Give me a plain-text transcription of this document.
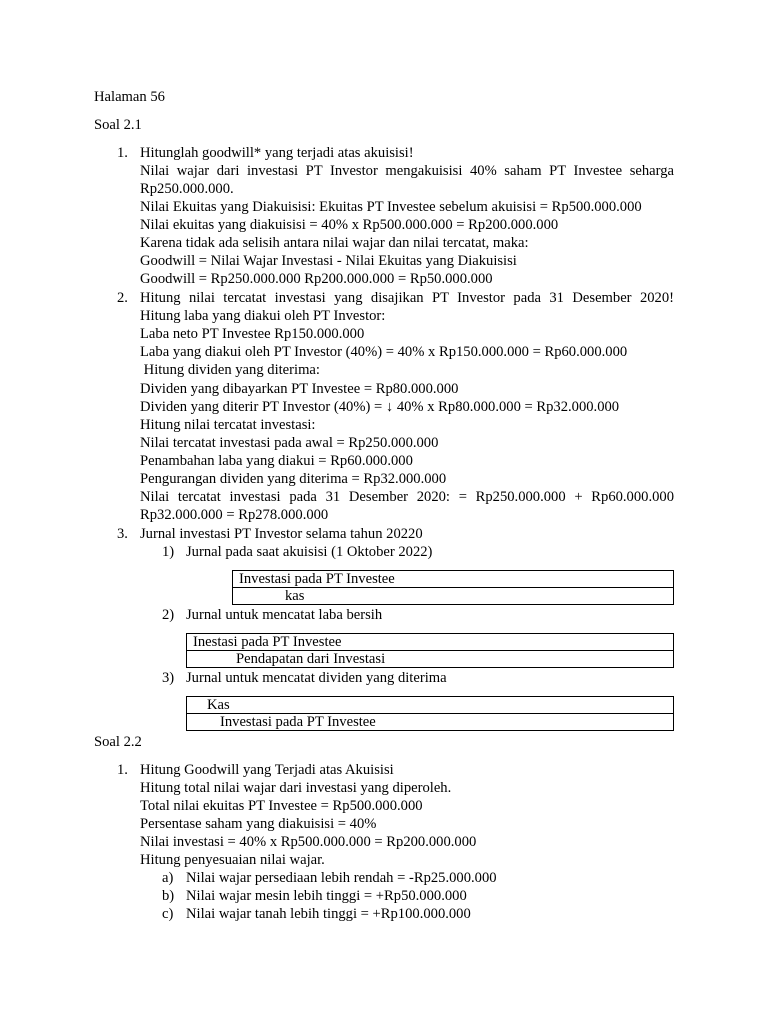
Halaman 56
Soal 2.1
1. Hitunglah goodwill* yang terjadi atas akuisisi!
Nilai wajar dari investasi PT Investor mengakuisisi 40% saham PT Investee seharga
Rp250.000.000.
Nilai Ekuitas yang Diakuisisi: Ekuitas PT Investee sebelum akuisisi = Rp500.000.000
Nilai ekuitas yang diakuisisi = 40% x Rp500.000.000 = Rp200.000.000
Karena tidak ada selisih antara nilai wajar dan nilai tercatat, maka:
Goodwill = Nilai Wajar Investasi - Nilai Ekuitas yang Diakuisisi
Goodwill = Rp250.000.000 Rp200.000.000 = Rp50.000.000
2. Hitung nilai tercatat investasi yang disajikan PT Investor pada 31 Desember 2020!
Hitung laba yang diakui oleh PT Investor:
Laba neto PT Investee Rp150.000.000
Laba yang diakui oleh PT Investor (40%) = 40% x Rp150.000.000 = Rp60.000.000
Hitung dividen yang diterima:
Dividen yang dibayarkan PT Investee = Rp80.000.000
Dividen yang diterir PT Investor (40%) = ↓ 40% x Rp80.000.000 = Rp32.000.000
Hitung nilai tercatat investasi:
Nilai tercatat investasi pada awal = Rp250.000.000
Penambahan laba yang diakui = Rp60.000.000
Pengurangan dividen yang diterima = Rp32.000.000
Nilai tercatat investasi pada 31 Desember 2020: = Rp250.000.000 + Rp60.000.000
Rp32.000.000 = Rp278.000.000
3. Jurnal investasi PT Investor selama tahun 20220
1) Jurnal pada saat akuisisi (1 Oktober 2022)
Investasi pada PT Investee
kas
2) Jurnal untuk mencatat laba bersih
Inestasi pada PT Investee
Pendapatan dari Investasi
3) Jurnal untuk mencatat dividen yang diterima
Kas
Investasi pada PT Investee
Soal 2.2
1. Hitung Goodwill yang Terjadi atas Akuisisi
Hitung total nilai wajar dari investasi yang diperoleh.
Total nilai ekuitas PT Investee = Rp500.000.000
Persentase saham yang diakuisisi = 40%
Nilai investasi = 40% x Rp500.000.000 = Rp200.000.000
Hitung penyesuaian nilai wajar.
a) Nilai wajar persediaan lebih rendah = -Rp25.000.000
b) Nilai wajar mesin lebih tinggi = +Rp50.000.000
c) Nilai wajar tanah lebih tinggi = +Rp100.000.000
